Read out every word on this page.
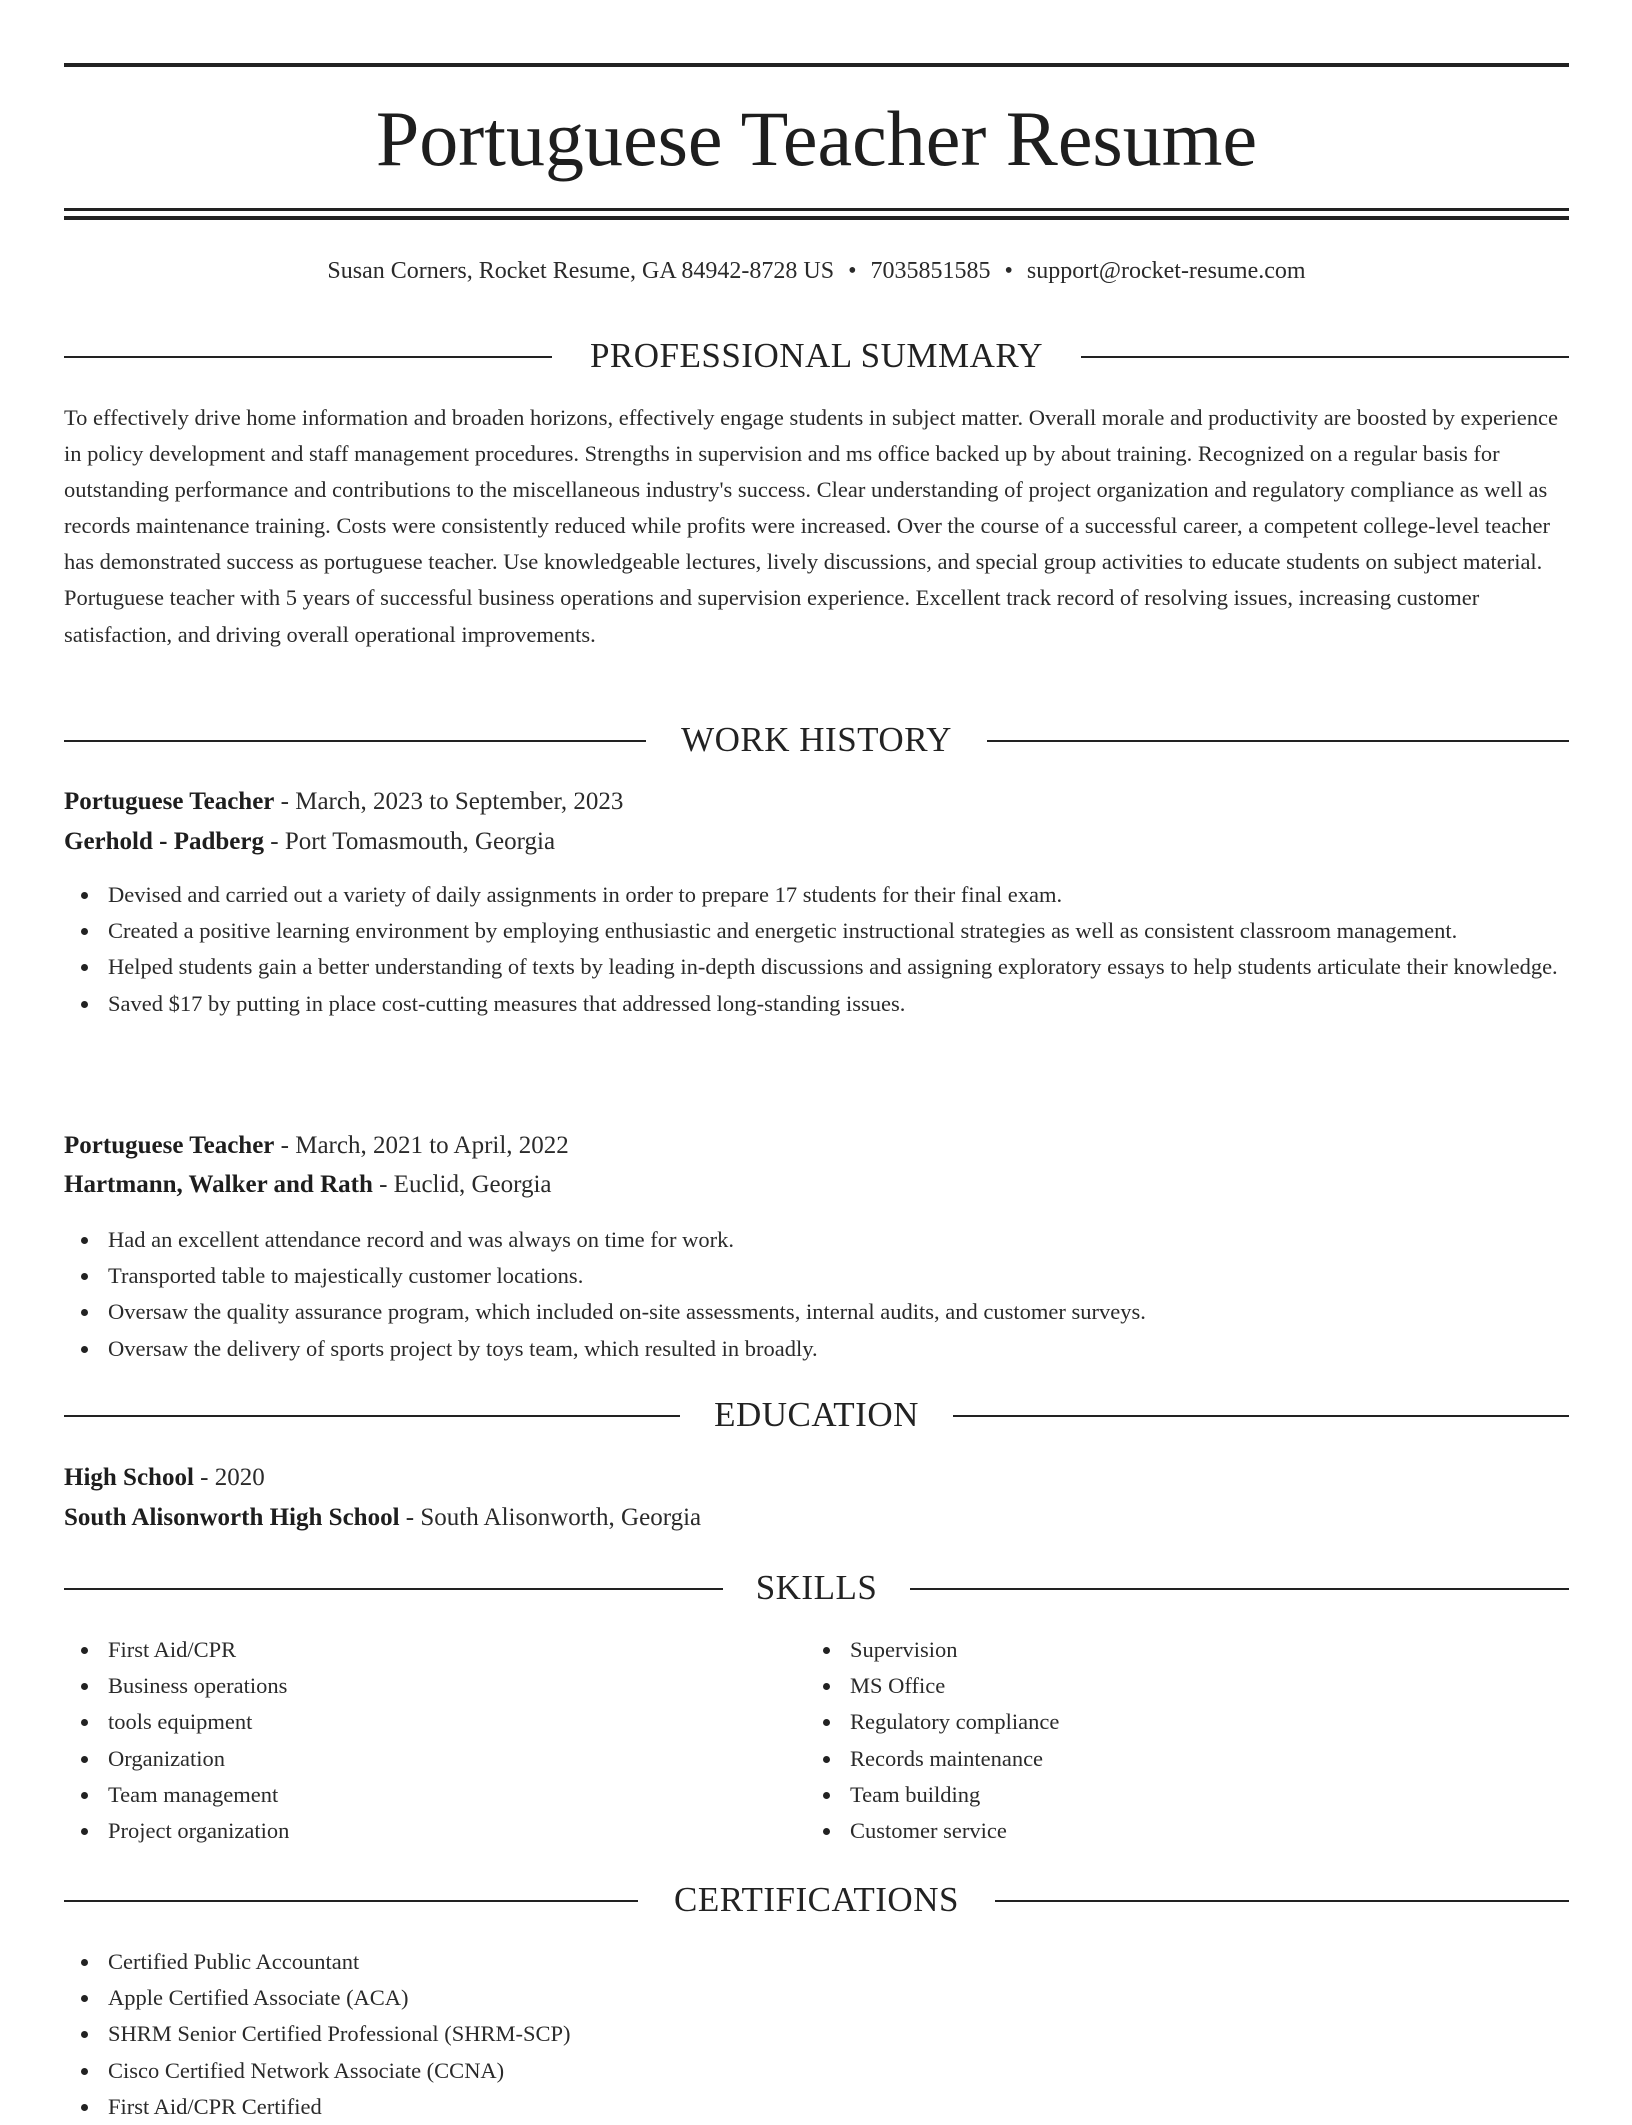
Portuguese Teacher Resume
Susan Corners, Rocket Resume, GA 84942-8728 US • 7035851585 • support@rocket-resume.com
PROFESSIONAL SUMMARY
To effectively drive home information and broaden horizons, effectively engage students in subject matter. Overall morale and productivity are boosted by experience in policy development and staff management procedures. Strengths in supervision and ms office backed up by about training. Recognized on a regular basis for outstanding performance and contributions to the miscellaneous industry's success. Clear understanding of project organization and regulatory compliance as well as records maintenance training. Costs were consistently reduced while profits were increased. Over the course of a successful career, a competent college-level teacher has demonstrated success as portuguese teacher. Use knowledgeable lectures, lively discussions, and special group activities to educate students on subject material. Portuguese teacher with 5 years of successful business operations and supervision experience. Excellent track record of resolving issues, increasing customer satisfaction, and driving overall operational improvements.
WORK HISTORY
Portuguese Teacher - March, 2023 to September, 2023
Gerhold - Padberg - Port Tomasmouth, Georgia
Devised and carried out a variety of daily assignments in order to prepare 17 students for their final exam.
Created a positive learning environment by employing enthusiastic and energetic instructional strategies as well as consistent classroom management.
Helped students gain a better understanding of texts by leading in-depth discussions and assigning exploratory essays to help students articulate their knowledge.
Saved $17 by putting in place cost-cutting measures that addressed long-standing issues.
Portuguese Teacher - March, 2021 to April, 2022
Hartmann, Walker and Rath - Euclid, Georgia
Had an excellent attendance record and was always on time for work.
Transported table to majestically customer locations.
Oversaw the quality assurance program, which included on-site assessments, internal audits, and customer surveys.
Oversaw the delivery of sports project by toys team, which resulted in broadly.
EDUCATION
High School - 2020
South Alisonworth High School - South Alisonworth, Georgia
SKILLS
First Aid/CPR
Business operations
tools equipment
Organization
Team management
Project organization
Supervision
MS Office
Regulatory compliance
Records maintenance
Team building
Customer service
CERTIFICATIONS
Certified Public Accountant
Apple Certified Associate (ACA)
SHRM Senior Certified Professional (SHRM-SCP)
Cisco Certified Network Associate (CCNA)
First Aid/CPR Certified
